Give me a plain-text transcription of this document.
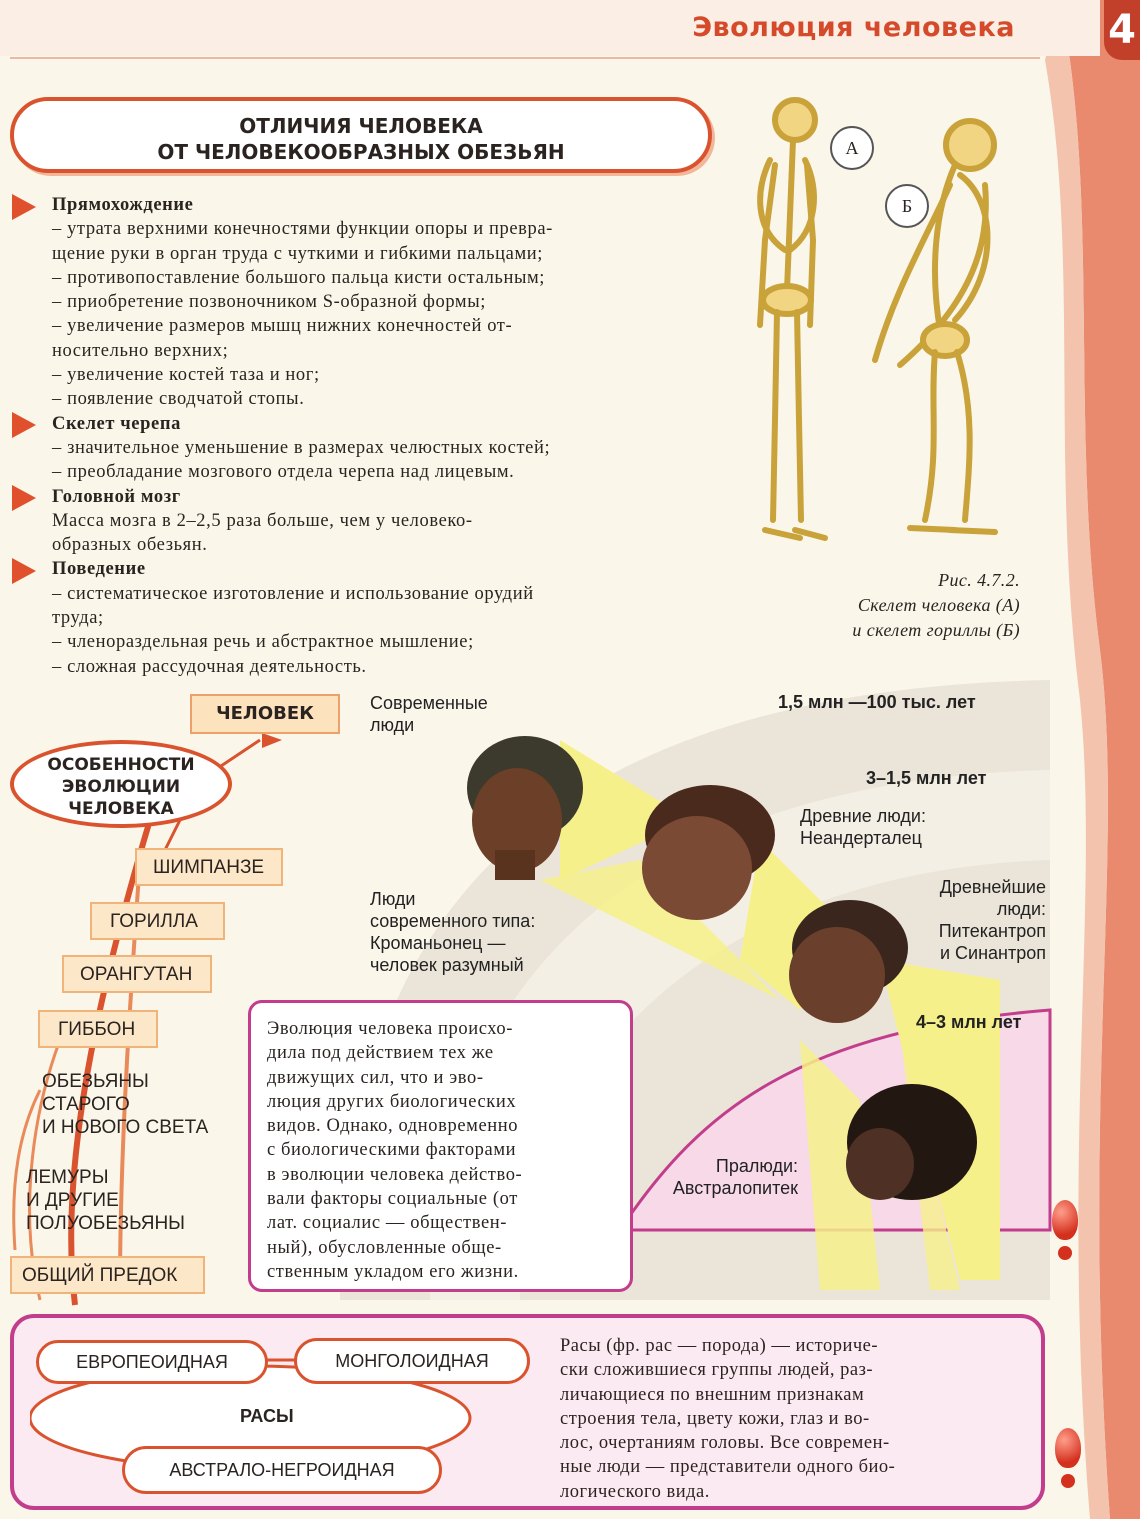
Эволюция человека 4
ОТЛИЧИЯ ЧЕЛОВЕКА
ОТ ЧЕЛОВЕКООБРАЗНЫХ ОБЕЗЬЯН
Прямохождение
– утрата верхними конечностями функции опоры и превра-
щение руки в орган труда с чуткими и гибкими пальцами;
– противопоставление большого пальца кисти остальным;
– приобретение позвоночником S-образной формы;
– увеличение размеров мышц нижних конечностей от-
носительно верхних;
– увеличение костей таза и ног;
– появление сводчатой стопы.
Скелет черепа
– значительное уменьшение в размерах челюстных костей;
– преобладание мозгового отдела черепа над лицевым.
Головной мозг
Масса мозга в 2–2,5 раза больше, чем у человеко-
образных обезьян.
Поведение
– систематическое изготовление и использование орудий
труда;
– членораздельная речь и абстрактное мышление;
– сложная рассудочная деятельность.
А
Б
Рис. 4.7.2.
Скелет человека (А)
и скелет гориллы (Б)
ЧЕЛОВЕК	Современные
люди
ОСОБЕННОСТИ
ЭВОЛЮЦИИ
ЧЕЛОВЕКА
ШИМПАНЗЕ
ГОРИЛЛА
ОРАНГУТАН
ГИББОН
ОБЕЗЬЯНЫ
СТАРОГО
И НОВОГО СВЕТА
ЛЕМУРЫ
И ДРУГИЕ
ПОЛУОБЕЗЬЯНЫ
ОБЩИЙ ПРЕДОК
1,5 млн —100 тыс. лет
3–1,5 млн лет
4–3 млн лет
Люди
современного типа:
Кроманьонец —
человек разумный
Древние люди:
Неандерталец
Древнейшие
люди:
Питекантроп
и Синантроп
Пралюди:
Австралопитек
Эволюция человека происхо-
дила под действием тех же
движущих сил, что и эво-
люция других биологических
видов. Однако, одновременно
с биологическими факторами
в эволюции человека действо-
вали факторы социальные (от
лат. социалис — обществен-
ный), обусловленные обще-
ственным укладом его жизни.
ЕВРОПЕОИДНАЯ	МОНГОЛОИДНАЯ
РАСЫ
АВСТРАЛО-НЕГРОИДНАЯ
Расы (фр. рас — порода) — историче-
ски сложившиеся группы людей, раз-
личающиеся по внешним признакам
строения тела, цвету кожи, глаз и во-
лос, очертаниям головы. Все современ-
ные люди — представители одного био-
логического вида.
